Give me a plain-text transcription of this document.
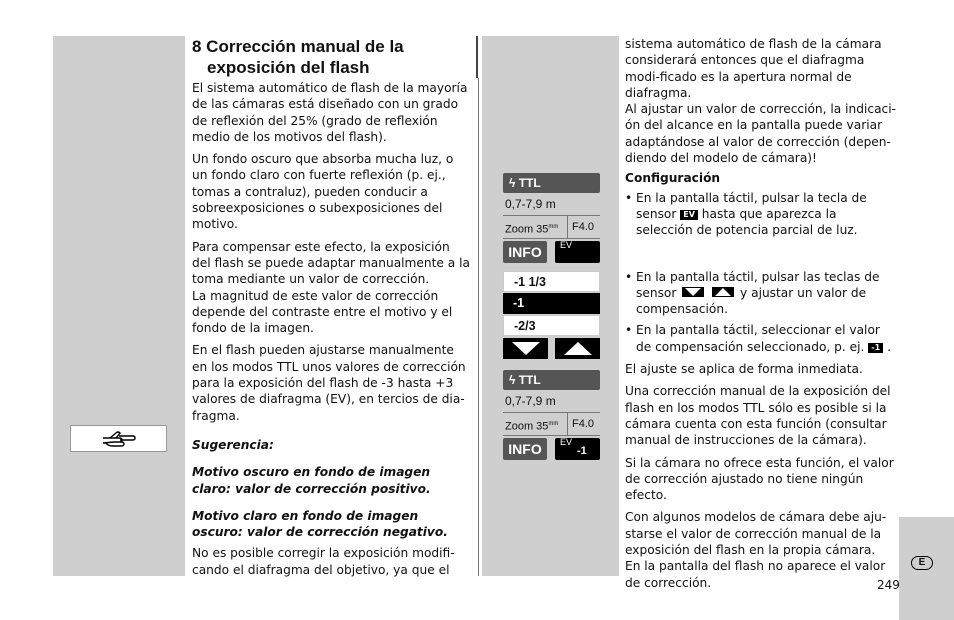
8 Corrección manual de la
exposición del flash

El sistema automático de flash de la mayoría de las cámaras está diseñado con un grado de reflexión del 25% (grado de reflexión medio de los motivos del flash).

Un fondo oscuro que absorba mucha luz, o un fondo claro con fuerte reflexión (p. ej., tomas a contraluz), pueden conducir a sobreexposiciones o subexposiciones del motivo.

Para compensar este efecto, la exposición del flash se puede adaptar manualmente a la toma mediante un valor de corrección.

La magnitud de este valor de corrección depende del contraste entre el motivo y el fondo de la imagen.

En el flash pueden ajustarse manualmente en los modos TTL unos valores de corrección para la exposición del flash de -3 hasta +3 valores de diafragma (EV), en tercios de dia-fragma.

Sugerencia:

Motivo oscuro en fondo de imagen claro: valor de corrección positivo.

Motivo claro en fondo de imagen oscuro: valor de corrección negativo.

No es posible corregir la exposición modifi-cando el diafragma del objetivo, ya que el

ϟ TTL
0,7-7,9 m
Zoom $35^{mm}$	F4.0
INFO	EV
-1 1/3
-1
-2/3
ϟ TTL
0,7-7,9 m
Zoom $35^{mm}$	F4.0
INFO	EV
-1

sistema automático de flash de la cámara considerará entonces que el diafragma modi-ficado es la apertura normal de diafragma.

Al ajustar un valor de corrección, la indicaci-ón del alcance en la pantalla puede variar adaptándose al valor de corrección (depen-diendo del modelo de cámara)!

Configuración

• En la pantalla táctil, pulsar la tecla de sensor EV hasta que aparezca la selección de potencia parcial de luz.
• En la pantalla táctil, pulsar las teclas de sensor
	y ajustar un valor de compensación.
• En la pantalla táctil, seleccionar el valor de compensación seleccionado, p. ej. -1 .

El ajuste se aplica de forma inmediata.

Una corrección manual de la exposición del flash en los modos TTL sólo es posible si la cámara cuenta con esta función (consultar manual de instrucciones de la cámara).

Si la cámara no ofrece esta función, el valor de corrección ajustado no tiene ningún efecto.

Con algunos modelos de cámara debe aju-starse el valor de corrección manual de la exposición del flash en la propia cámara.

En la pantalla del flash no aparece el valor de corrección.

E
249
